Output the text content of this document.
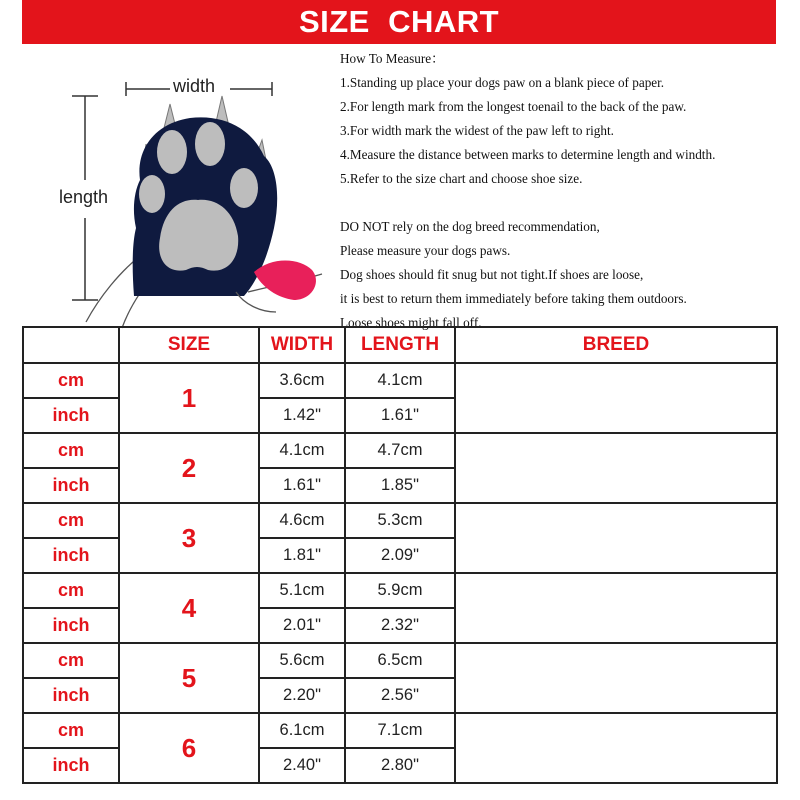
SIZE  CHART
width
length
How To Measure：
1.Standing up place your dogs paw on a blank piece of paper.
2.For length mark from the longest toenail to the back of the paw.
3.For width mark the widest of the paw left to right.
4.Measure the distance between marks to determine length and windth.
5.Refer to the size chart and choose shoe size.
DO NOT rely on the dog breed recommendation,
Please measure your dogs paws.
Dog shoes should fit snug but not tight.If shoes are loose,
it is best to return them immediately before taking them outdoors.
Loose shoes might fall off.
	SIZE	WIDTH	LENGTH	BREED
cm	1	3.6cm	4.1cm	
inch		1.42"	1.61"	
cm	2	4.1cm	4.7cm	
inch		1.61"	1.85"	
cm	3	4.6cm	5.3cm	
inch		1.81"	2.09"	
cm	4	5.1cm	5.9cm	
inch		2.01"	2.32"	
cm	5	5.6cm	6.5cm	
inch		2.20"	2.56"	
cm	6	6.1cm	7.1cm	
inch		2.40"	2.80"	
